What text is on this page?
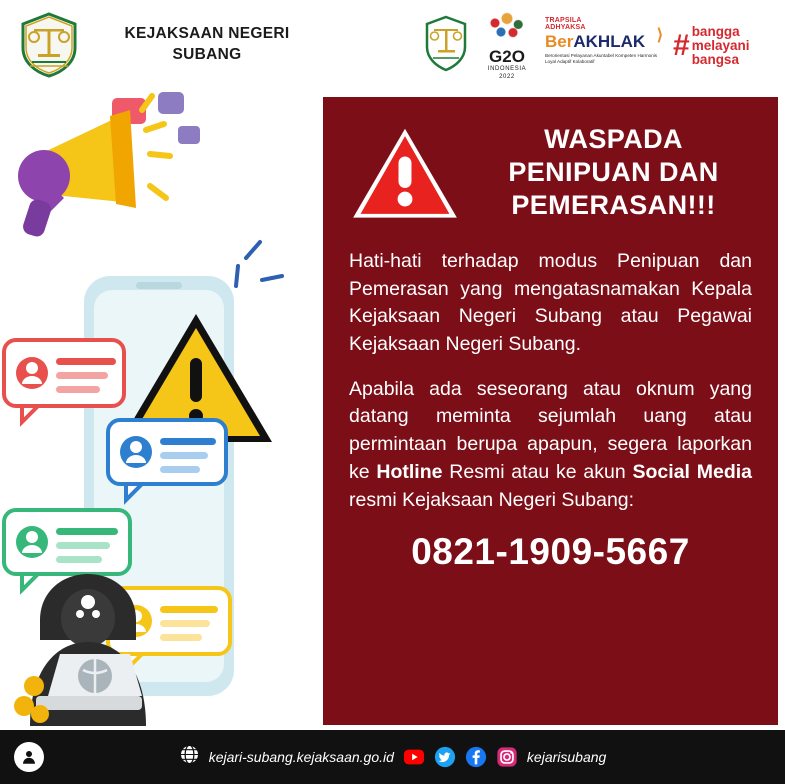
KEJAKSAAN NEGERI
SUBANG	G2O
INDONESIA
2022
TRAPSILA
ADHYAKSA
BerAKHLAK
Berorientasi Pelayanan Akuntabel Kompeten Harmonis Loyal Adaptif Kolaboratif
⟩ # bangga
melayani
bangsa
WASPADA
PENIPUAN DAN
PEMERASAN!!!

Hati-hati terhadap modus Penipuan dan Pemerasan yang mengatasnamakan Kepala Kejaksaan Negeri Subang atau Pegawai Kejaksaan Negeri Subang.

Apabila ada seseorang atau oknum yang datang meminta sejumlah uang atau permintaan berupa apapun, segera laporkan ke Hotline Resmi atau ke akun Social Media resmi Kejaksaan Negeri Subang:

0821-1909-5667
kejari-subang.kejaksaan.go.id	kejarisubang
